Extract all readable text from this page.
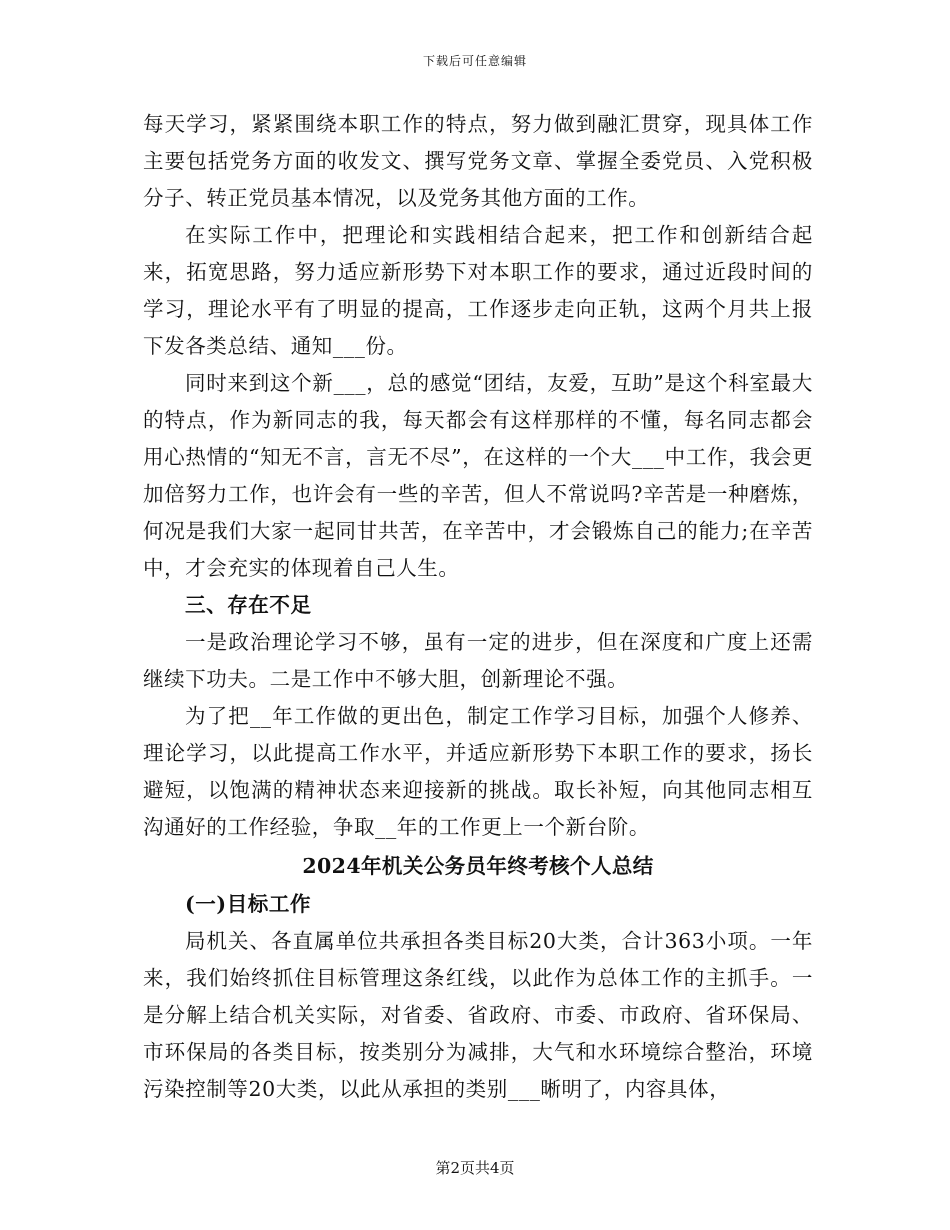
下载后可任意编辑

每天学习，紧紧围绕本职工作的特点，努力做到融汇贯穿，现具体工作主要包括党务方面的收发文、撰写党务文章、掌握全委党员、入党积极分子、转正党员基本情况，以及党务其他方面的工作。

在实际工作中，把理论和实践相结合起来，把工作和创新结合起来，拓宽思路，努力适应新形势下对本职工作的要求，通过近段时间的学习，理论水平有了明显的提高，工作逐步走向正轨，这两个月共上报下发各类总结、通知___份。

同时来到这个新___，总的感觉“团结，友爱，互助”是这个科室最大的特点，作为新同志的我，每天都会有这样那样的不懂，每名同志都会用心热情的“知无不言，言无不尽”，在这样的一个大___中工作，我会更加倍努力工作，也许会有一些的辛苦，但人不常说吗?辛苦是一种磨炼，何况是我们大家一起同甘共苦，在辛苦中，才会锻炼自己的能力;在辛苦中，才会充实的体现着自己人生。

三、存在不足

一是政治理论学习不够，虽有一定的进步，但在深度和广度上还需继续下功夫。二是工作中不够大胆，创新理论不强。

为了把__年工作做的更出色，制定工作学习目标，加强个人修养、理论学习，以此提高工作水平，并适应新形势下本职工作的要求，扬长避短，以饱满的精神状态来迎接新的挑战。取长补短，向其他同志相互沟通好的工作经验，争取__年的工作更上一个新台阶。

2024年机关公务员年终考核个人总结

(一)目标工作

局机关、各直属单位共承担各类目标20大类，合计363小项。一年来，我们始终抓住目标管理这条红线，以此作为总体工作的主抓手。一是分解上结合机关实际，对省委、省政府、市委、市政府、省环保局、市环保局的各类目标，按类别分为减排，大气和水环境综合整治，环境污染控制等20大类，以此从承担的类别___晰明了，内容具体，

第2页共4页
